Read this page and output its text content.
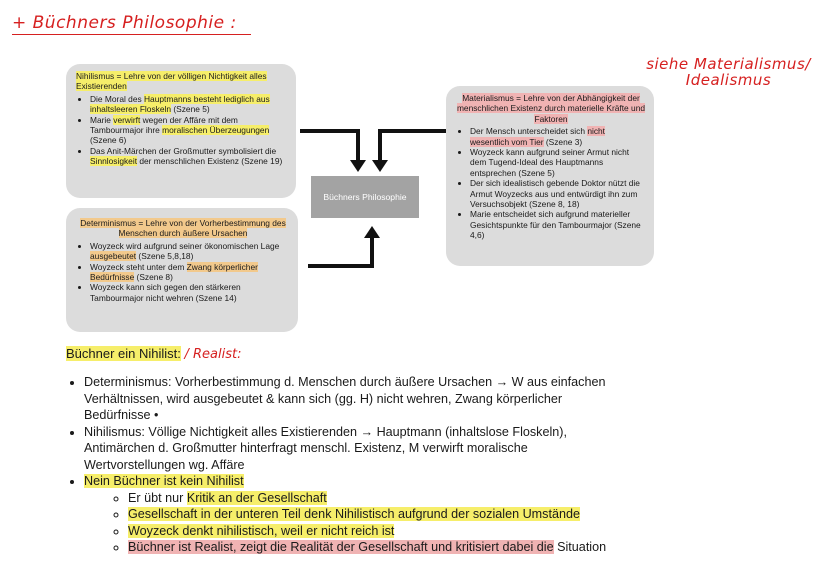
+ Büchners Philosophie :
siehe Materialismus/
Idealismus
Nihilismus = Lehre von der völligen Nichtigkeit alles Existierenden
• Die Moral des Hauptmanns besteht lediglich aus inhaltsleeren Floskeln (Szene 5)
• Marie verwirft wegen der Affäre mit dem Tambourmajor ihre moralischen Überzeugungen (Szene 6)
• Das Anit-Märchen der Großmutter symbolisiert die Sinnlosigkeit der menschlichen Existenz (Szene 19)
Determinismus = Lehre von der Vorherbestimmung des Menschen durch äußere Ursachen
• Woyzeck wird aufgrund seiner ökonomischen Lage ausgebeutet (Szene 5,8,18)
• Woyzeck steht unter dem Zwang körperlicher Bedürfnisse (Szene 8)
• Woyzeck kann sich gegen den stärkeren Tambourmajor nicht wehren (Szene 14)
Materialismus = Lehre von der Abhängigkeit der menschlichen Existenz durch materielle Kräfte und Faktoren
• Der Mensch unterscheidet sich nicht wesentlich vom Tier (Szene 3)
• Woyzeck kann aufgrund seiner Armut nicht dem Tugend-Ideal des Hauptmanns entsprechen (Szene 5)
• Der sich idealistisch gebende Doktor nützt die Armut Woyzecks aus und entwürdigt ihn zum Versuchsobjekt (Szene 8, 18)
• Marie entscheidet sich aufgrund materieller Gesichtspunkte für den Tambourmajor (Szene 4,6)
Büchners Philosophie
Büchner ein Nihilist: / Realist:
• Determinismus: Vorherbestimmung d. Menschen durch äußere Ursachen → W aus einfachen Verhältnissen, wird ausgebeutet & kann sich (gg. H) nicht wehren, Zwang körperlicher Bedürfnisse •
• Nihilismus: Völlige Nichtigkeit alles Existierenden → Hauptmann (inhaltslose Floskeln), Antimärchen d. Großmutter hinterfragt menschl. Existenz, M verwirft moralische Wertvorstellungen wg. Affäre
• Nein Büchner ist kein Nihilist
◦ Er übt nur Kritik an der Gesellschaft
◦ Gesellschaft in der unteren Teil denk Nihilistisch aufgrund der sozialen Umstände
◦ Woyzeck denkt nihilistisch, weil er nicht reich ist
◦ Büchner ist Realist, zeigt die Realität der Gesellschaft und kritisiert dabei die Situation
